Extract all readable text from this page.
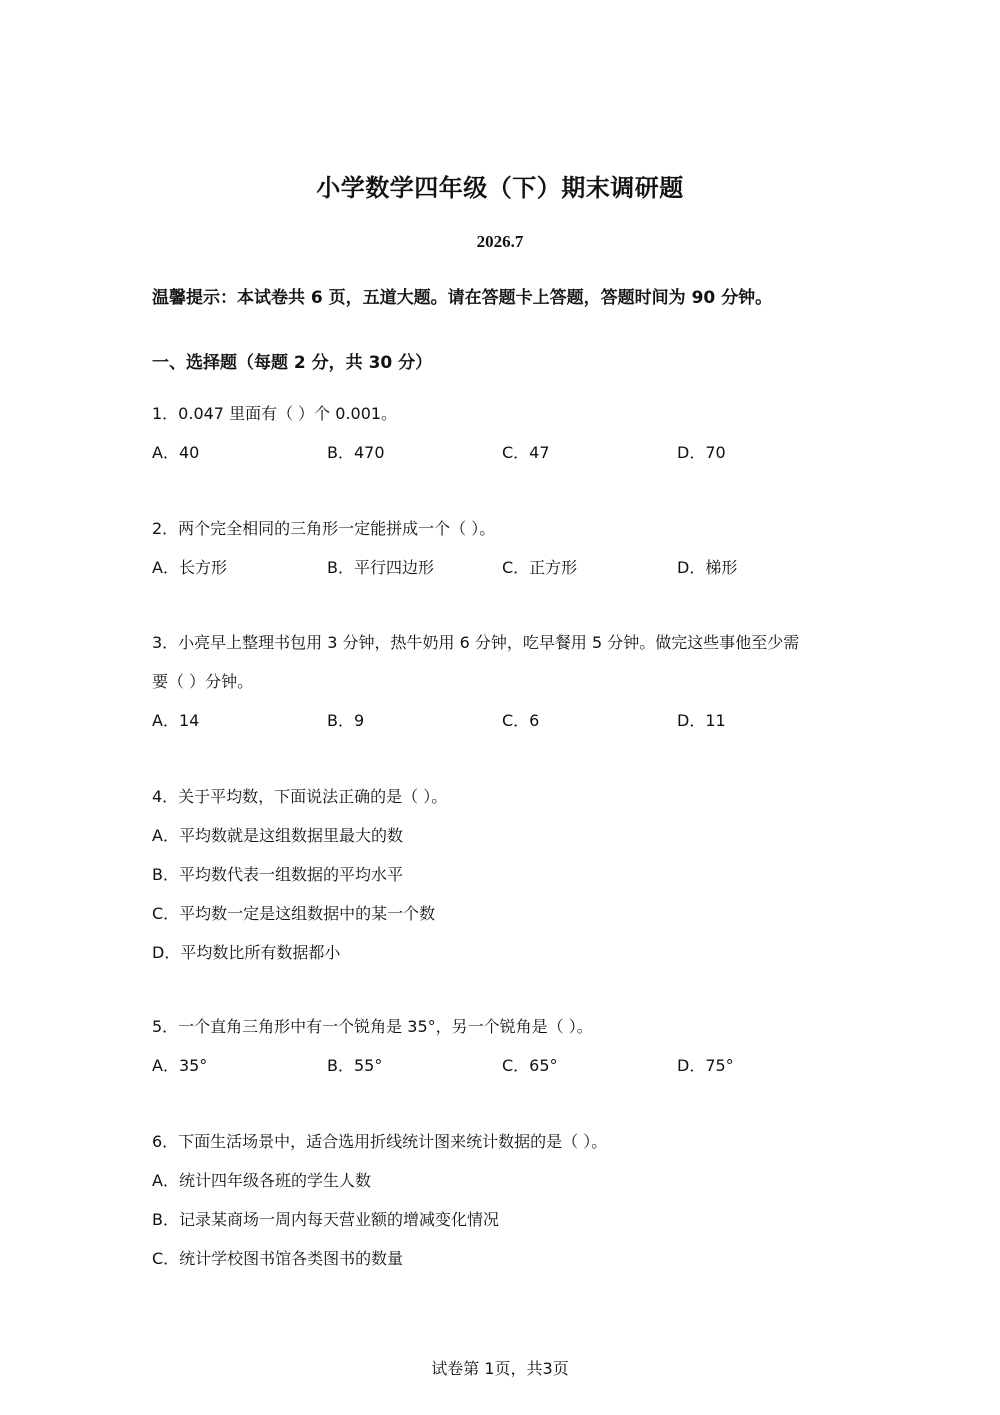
小学数学四年级（下）期末调研题
2026.7
温馨提示：本试卷共 6 页，五道大题。请在答题卡上答题，答题时间为 90 分钟。
一、选择题（每题 2 分，共 30 分）
1．0.047 里面有（ ）个 0.001。
A．40	B．470	C．47	D．70
2．两个完全相同的三角形一定能拼成一个（ ）。
A．长方形	B．平行四边形	C．正方形	D．梯形
3．小亮早上整理书包用 3 分钟，热牛奶用 6 分钟，吃早餐用 5 分钟。做完这些事他至少需
要（ ）分钟。
A．14	B．9	C．6	D．11
4．关于平均数，下面说法正确的是（ ）。
A．平均数就是这组数据里最大的数
B．平均数代表一组数据的平均水平
C．平均数一定是这组数据中的某一个数
D．平均数比所有数据都小
5．一个直角三角形中有一个锐角是 35°，另一个锐角是（ ）。
A．35°	B．55°	C．65°	D．75°
6．下面生活场景中，适合选用折线统计图来统计数据的是（ ）。
A．统计四年级各班的学生人数
B．记录某商场一周内每天营业额的增减变化情况
C．统计学校图书馆各类图书的数量
试卷第 1页，共3页
